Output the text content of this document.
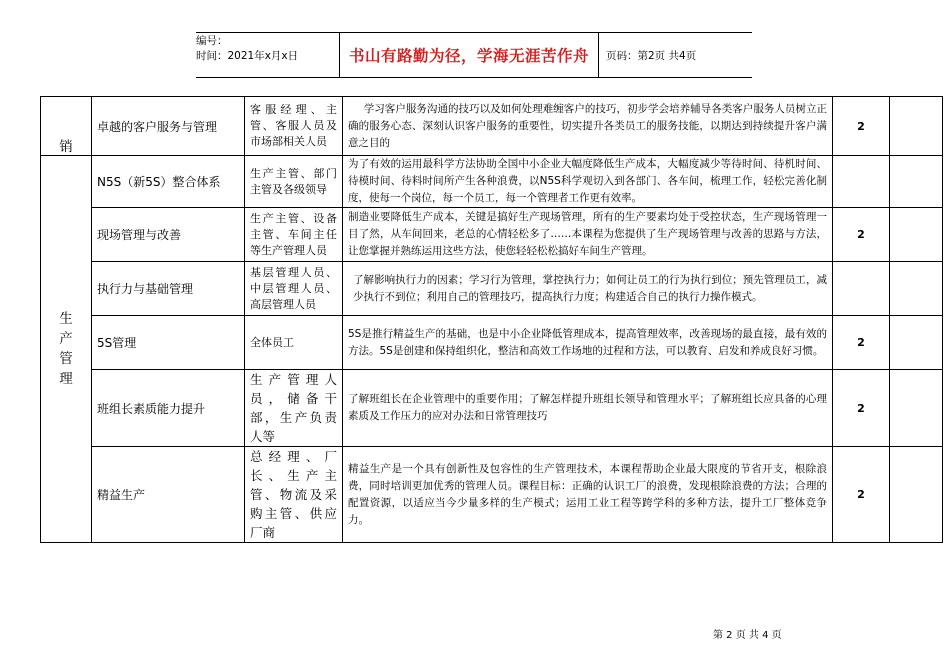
编号：
时间：2021年x月x日	书山有路勤为径，学海无涯苦作舟	页码：第2页 共4页
销	卓越的客户服务与管理	客服经理、主管、客服人员及市场部相关人员	学习客户服务沟通的技巧以及如何处理难缠客户的技巧，初步学会培养辅导各类客户服务人员树立正确的服务心态、深刻认识客户服务的重要性，切实提升各类员工的服务技能，以期达到持续提升客户满意之目的	2	

生
产
管
理	N5S（新5S）整合体系	生产主管、部门主管及各级领导	为了有效的运用最科学方法协助全国中小企业大幅度降低生产成本，大幅度减少等待时间、待机时间、待模时间、待料时间所产生各种浪费，以N5S科学观切入到各部门、各车间，梳理工作，轻松完善化制度，使每一个岗位，每一个员工，每一个管理者工作更有效率。		
	现场管理与改善	生产主管、设备主管、车间主任等生产管理人员	制造业要降低生产成本，关键是搞好生产现场管理，所有的生产要素均处于受控状态，生产现场管理一目了然，从车间回来，老总的心情轻松多了……本课程为您提供了生产现场管理与改善的思路与方法，让您掌握并熟练运用这些方法，使您轻轻松松搞好车间生产管理。	2	
	执行力与基础管理	基层管理人员、中层管理人员、高层管理人员	了解影响执行力的因素；学习行为管理，掌控执行力；如何让员工的行为执行到位；预先管理员工，减少执行不到位；利用自己的管理技巧，提高执行力度；构建适合自己的执行力操作模式。		
	5S管理	全体员工	5S是推行精益生产的基础，也是中小企业降低管理成本，提高管理效率，改善现场的最直接，最有效的方法。5S是创建和保持组织化，整洁和高效工作场地的过程和方法，可以教育、启发和养成良好习惯。	2	
	班组长素质能力提升	生产管理人员，储备干部，生产负责人等	了解班组长在企业管理中的重要作用；了解怎样提升班组长领导和管理水平；了解班组长应具备的心理素质及工作压力的应对办法和日常管理技巧	2	
	精益生产	总经理、厂长、生产主管、物流及采购主管、供应厂商	精益生产是一个具有创新性及包容性的生产管理技术，本课程帮助企业最大限度的节省开支，根除浪费，同时培训更加优秀的管理人员。课程目标：正确的认识工厂的浪费，发现根除浪费的方法；合理的配置资源，以适应当今少量多样的生产模式；运用工业工程等跨学科的多种方法，提升工厂整体竞争力。	2	
第 2 页 共 4 页
